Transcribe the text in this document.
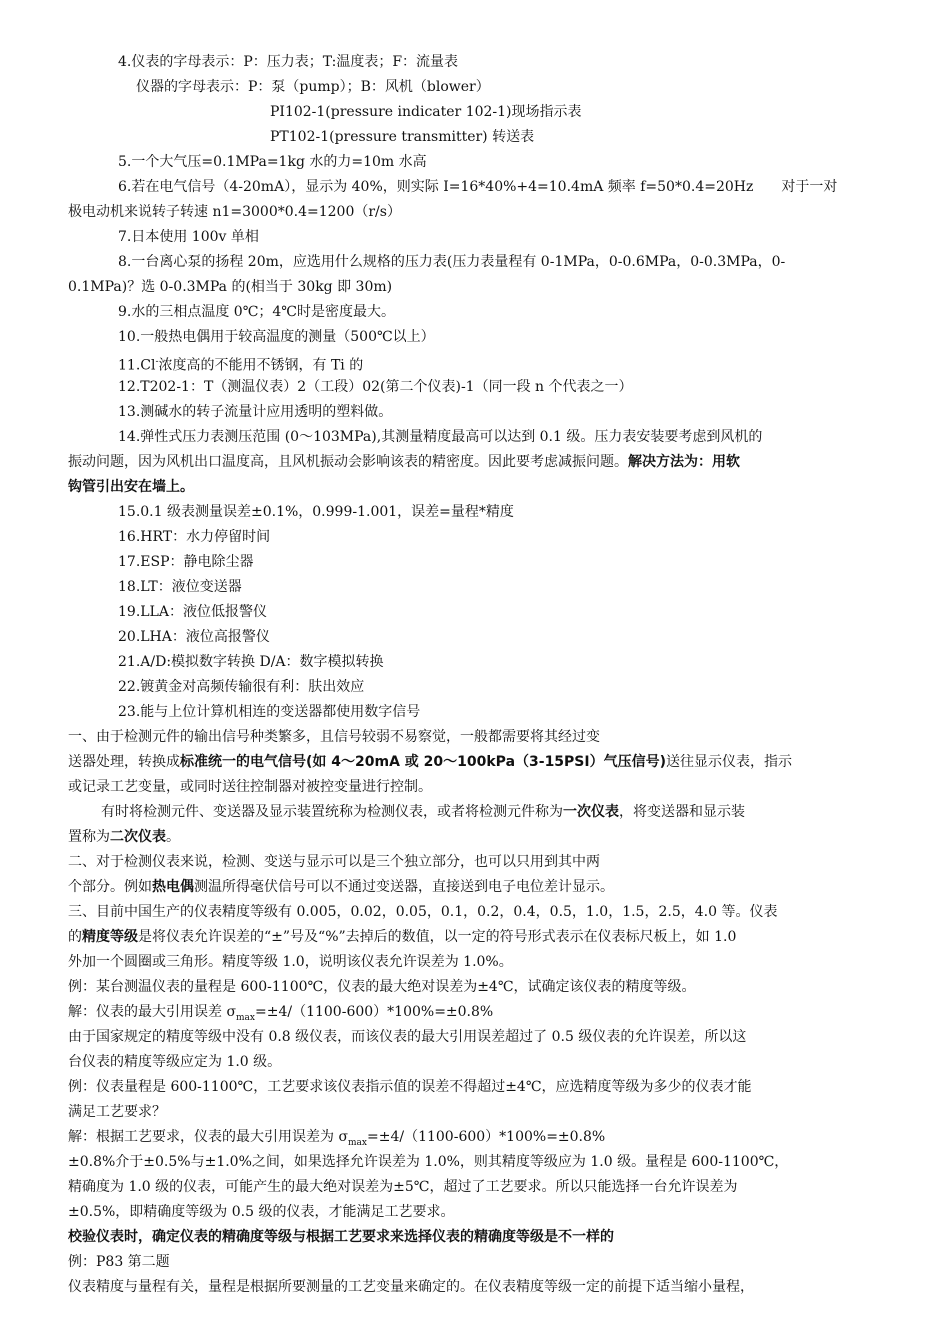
4.仪表的字母表示：P：压力表；T:温度表；F：流量表
仪器的字母表示：P：泵（pump）；B：风机（blower）
PI102-1(pressure indicater 102-1)现场指示表
PT102-1(pressure transmitter) 转送表
5.一个大气压=0.1MPa=1kg 水的力=10m 水高
6.若在电气信号（4-20mA），显示为 40%，则实际 I=16*40%+4=10.4mA 频率 f=50*0.4=20Hz　　对于一对
极电动机来说转子转速 n1=3000*0.4=1200（r/s）
7.日本使用 100v 单相
8.一台离心泵的扬程 20m，应选用什么规格的压力表(压力表量程有 0-1MPa，0-0.6MPa，0-0.3MPa，0-
0.1MPa)？选 0-0.3MPa 的(相当于 30kg 即 30m)
9.水的三相点温度 0℃；4℃时是密度最大。
10.一般热电偶用于较高温度的测量（500℃以上）
11.Cl-浓度高的不能用不锈钢，有 Ti 的
12.T202-1：T（测温仪表）2（工段）02(第二个仪表)-1（同一段 n 个代表之一）
13.测碱水的转子流量计应用透明的塑料做。
14.弹性式压力表测压范围 (0～103MPa),其测量精度最高可以达到 0.1 级。压力表安装要考虑到风机的
振动问题，因为风机出口温度高，且风机振动会影响该表的精密度。因此要考虑减振问题。解决方法为：用软
钩管引出安在墙上。
15.0.1 级表测量误差±0.1%，0.999-1.001，误差=量程*精度
16.HRT：水力停留时间
17.ESP：静电除尘器
18.LT：液位变送器
19.LLA：液位低报警仪
20.LHA：液位高报警仪
21.A/D:模拟数字转换 D/A：数字模拟转换
22.镀黄金对高频传输很有利：肤出效应
23.能与上位计算机相连的变送器都使用数字信号
一、由于检测元件的输出信号种类繁多，且信号较弱不易察觉，一般都需要将其经过变
送器处理，转换成标准统一的电气信号(如 4～20mA 或 20～100kPa（3-15PSI）气压信号)送往显示仪表，指示
或记录工艺变量，或同时送往控制器对被控变量进行控制。
有时将检测元件、变送器及显示装置统称为检测仪表，或者将检测元件称为一次仪表，将变送器和显示装
置称为二次仪表。
二、对于检测仪表来说，检测、变送与显示可以是三个独立部分，也可以只用到其中两
个部分。例如热电偶测温所得毫伏信号可以不通过变送器，直接送到电子电位差计显示。
三、目前中国生产的仪表精度等级有 0.005，0.02，0.05，0.1，0.2，0.4，0.5，1.0，1.5，2.5，4.0 等。仪表
的精度等级是将仪表允许误差的“±”号及“%”去掉后的数值，以一定的符号形式表示在仪表标尺板上，如 1.0
外加一个圆圈或三角形。精度等级 1.0，说明该仪表允许误差为 1.0%。
例：某台测温仪表的量程是 600-1100℃，仪表的最大绝对误差为±4℃，试确定该仪表的精度等级。
解：仪表的最大引用误差 $\sigma_{max}=\pm 4/(1100-600)*100\%=\pm 0.8\%$
由于国家规定的精度等级中没有 0.8 级仪表，而该仪表的最大引用误差超过了 0.5 级仪表的允许误差，所以这
台仪表的精度等级应定为 1.0 级。
例：仪表量程是 600-1100℃，工艺要求该仪表指示值的误差不得超过±4℃，应选精度等级为多少的仪表才能
满足工艺要求？
解：根据工艺要求，仪表的最大引用误差为 $\sigma_{max}=\pm 4/(1100-600)*100\%=\pm 0.8\%$
±0.8%介于±0.5%与±1.0%之间，如果选择允许误差为 1.0%，则其精度等级应为 1.0 级。量程是 600-1100℃，
精确度为 1.0 级的仪表，可能产生的最大绝对误差为±5℃，超过了工艺要求。所以只能选择一台允许误差为
±0.5%，即精确度等级为 0.5 级的仪表，才能满足工艺要求。
校验仪表时，确定仪表的精确度等级与根据工艺要求来选择仪表的精确度等级是不一样的
例：P83 第二题
仪表精度与量程有关，量程是根据所要测量的工艺变量来确定的。在仪表精度等级一定的前提下适当缩小量程，
